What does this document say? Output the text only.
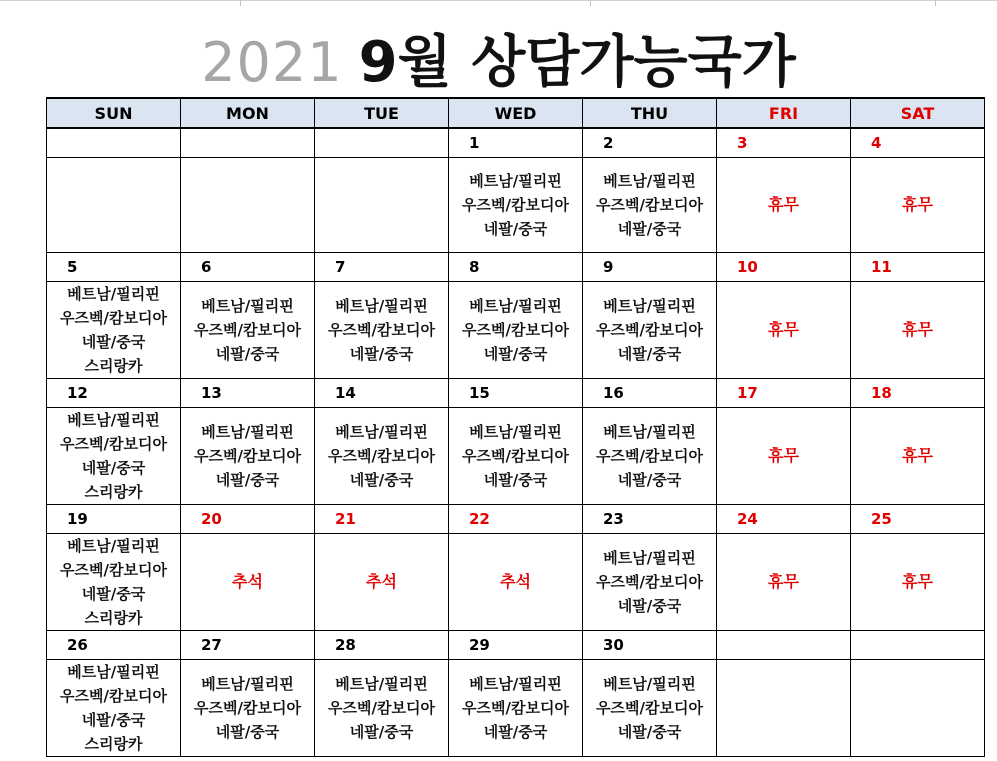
2021 9월 상담가능국가
SUN	MON	TUE	WED	THU	FRI	SAT
			1	2	3	4

			베트남/필리핀
우즈벡/캄보디아
네팔/중국	베트남/필리핀
우즈벡/캄보디아
네팔/중국	휴무	휴무
5	6	7	8	9	10	11

베트남/필리핀
우즈벡/캄보디아
네팔/중국
스리랑카	베트남/필리핀
우즈벡/캄보디아
네팔/중국	베트남/필리핀
우즈벡/캄보디아
네팔/중국	베트남/필리핀
우즈벡/캄보디아
네팔/중국	베트남/필리핀
우즈벡/캄보디아
네팔/중국	휴무	휴무
12	13	14	15	16	17	18

베트남/필리핀
우즈벡/캄보디아
네팔/중국
스리랑카	베트남/필리핀
우즈벡/캄보디아
네팔/중국	베트남/필리핀
우즈벡/캄보디아
네팔/중국	베트남/필리핀
우즈벡/캄보디아
네팔/중국	베트남/필리핀
우즈벡/캄보디아
네팔/중국	휴무	휴무
19	20	21	22	23	24	25

베트남/필리핀
우즈벡/캄보디아
네팔/중국
스리랑카	추석	추석	추석	베트남/필리핀
우즈벡/캄보디아
네팔/중국	휴무	휴무
26	27	28	29	30		

베트남/필리핀
우즈벡/캄보디아
네팔/중국
스리랑카	베트남/필리핀
우즈벡/캄보디아
네팔/중국	베트남/필리핀
우즈벡/캄보디아
네팔/중국	베트남/필리핀
우즈벡/캄보디아
네팔/중국	베트남/필리핀
우즈벡/캄보디아
네팔/중국		
